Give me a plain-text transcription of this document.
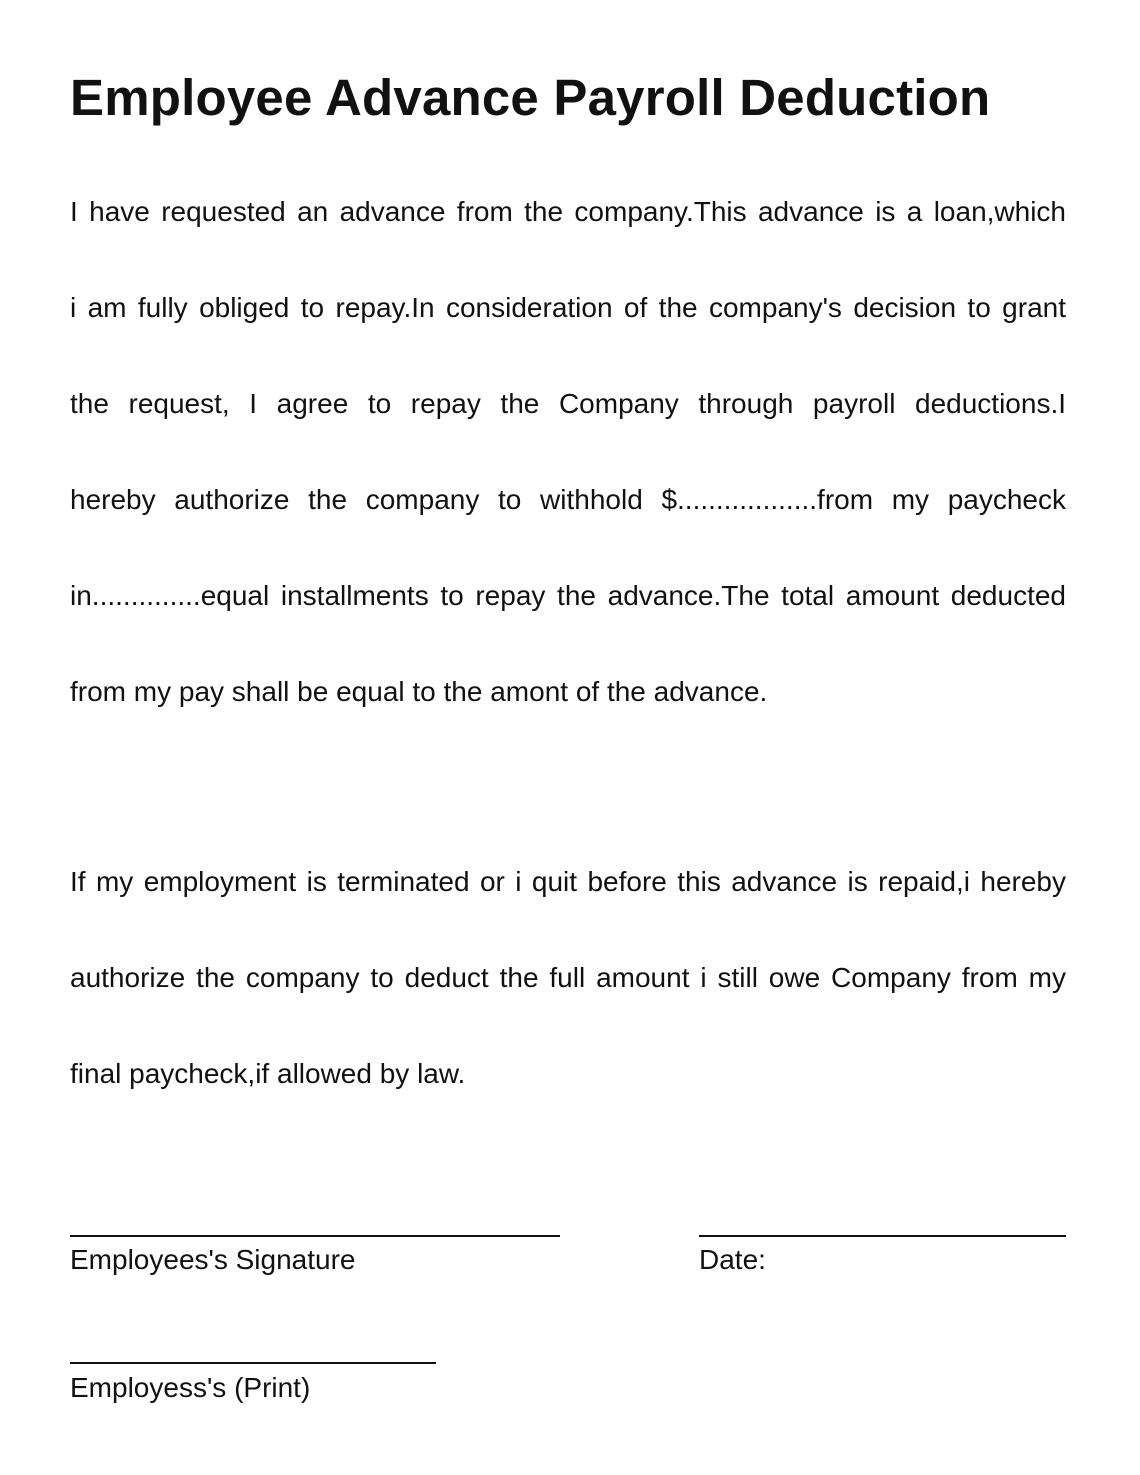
Employee Advance Payroll Deduction
I have requested an advance from the company.This advance is a loan,which
i am fully obliged to repay.In consideration of the company's decision to grant
the request, I agree to repay the Company through payroll deductions.I
hereby authorize the company to withhold $..................from my paycheck
in..............equal installments to repay the advance.The total amount deducted
from my pay shall be equal to the amont of the advance.
If my employment is terminated or i quit before this advance is repaid,i hereby
authorize the company to deduct the full amount i still owe Company from my
final paycheck,if allowed by law.
Employees's Signature	Date:
Employess's (Print)
